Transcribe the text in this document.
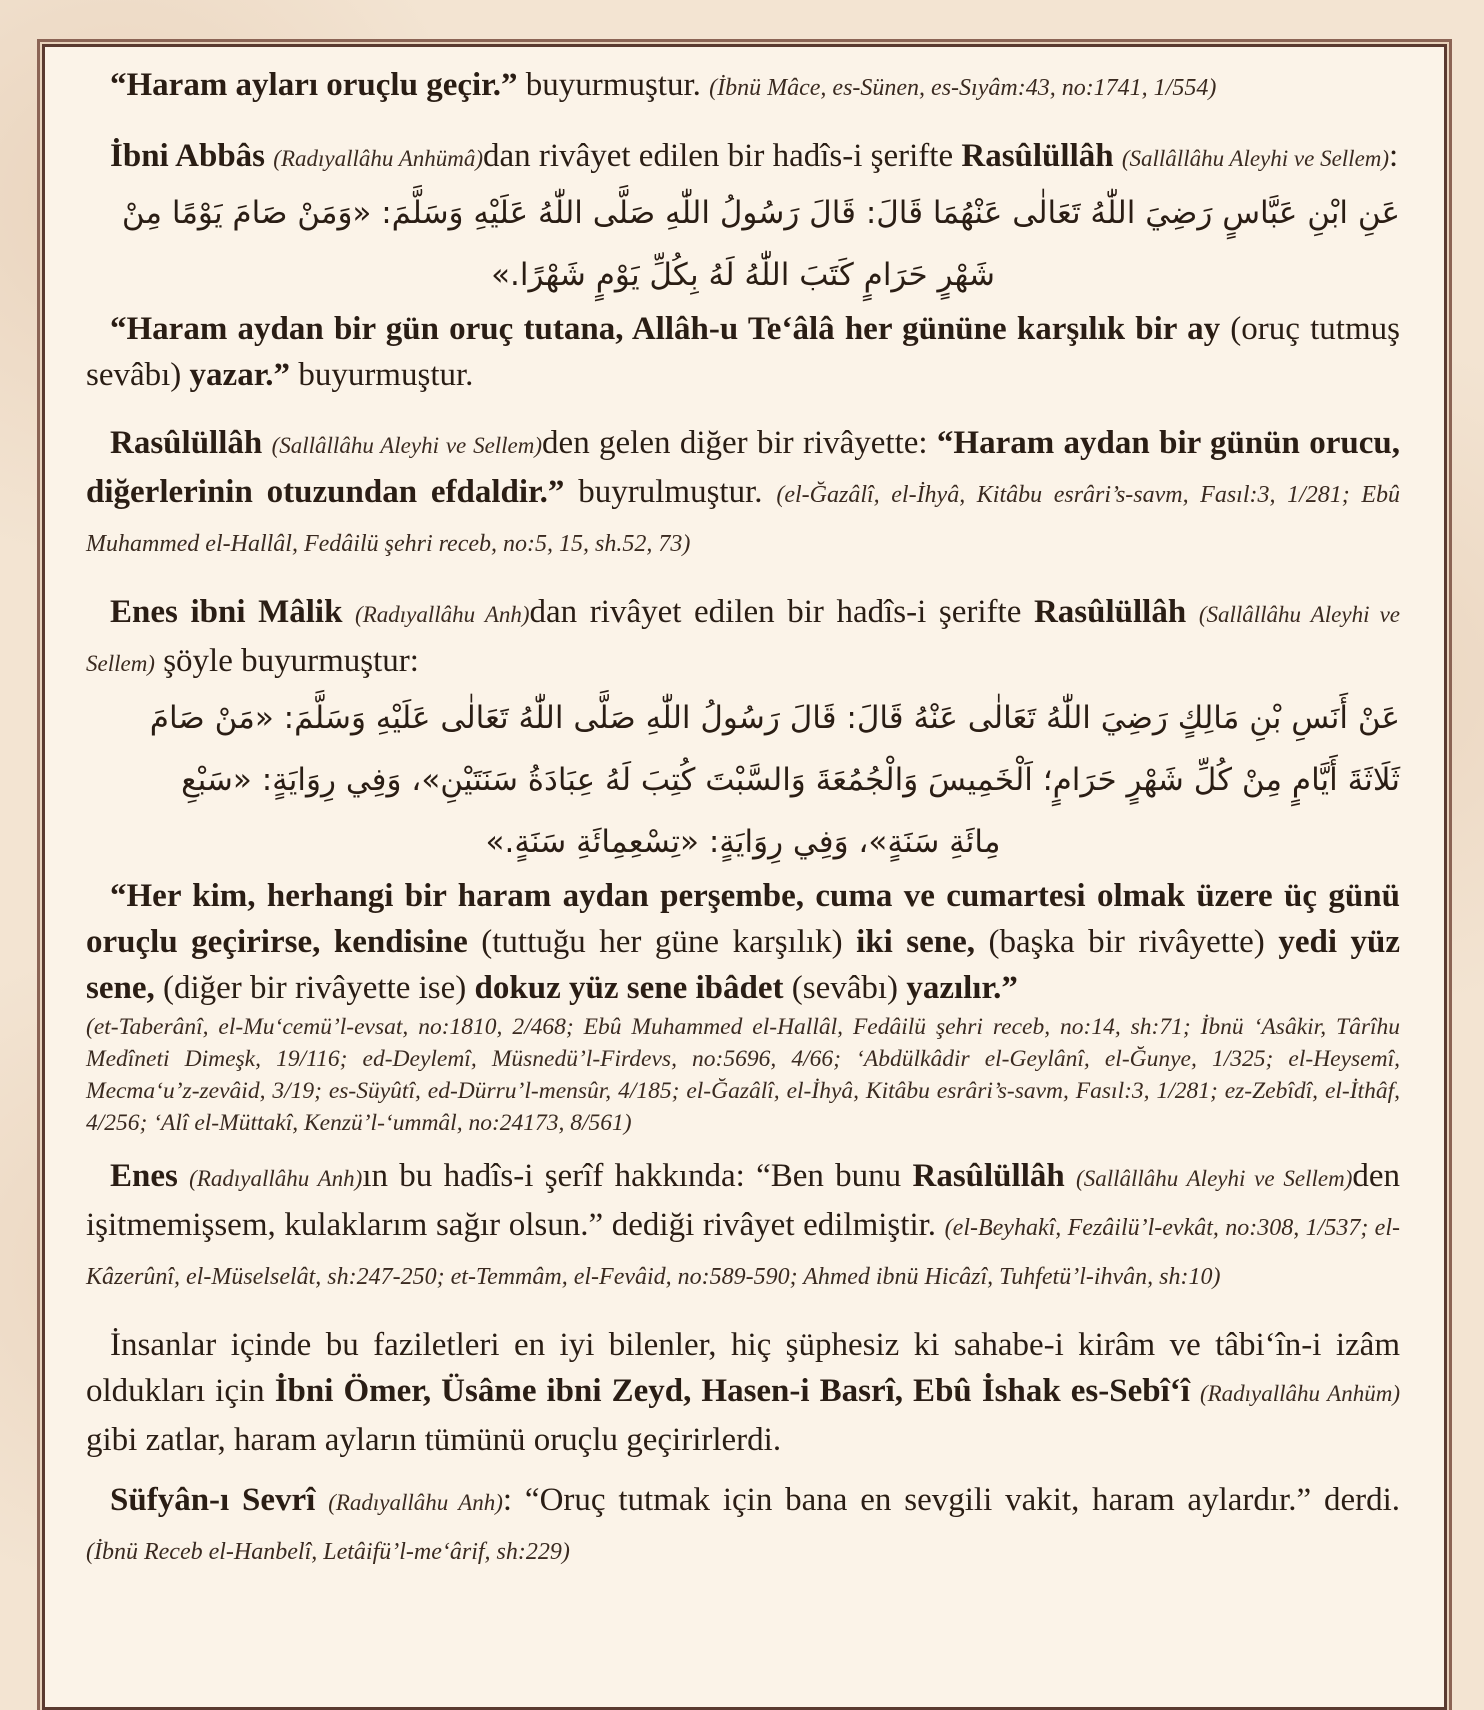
“Haram ayları oruçlu geçir.” buyurmuştur. (İbnü Mâce, es-Sünen, es-Sıyâm:43, no:1741, 1/554)

İbni Abbâs (Radıyallâhu Anhümâ)dan rivâyet edilen bir hadîs-i şerifte Rasûlüllâh (Sallâllâhu Aleyhi ve Sellem):

عَنِ ابْنِ عَبَّاسٍ رَضِيَ اللّٰهُ تَعَالٰى عَنْهُمَا قَالَ: قَالَ رَسُولُ اللّٰهِ صَلَّى اللّٰهُ عَلَيْهِ وَسَلَّمَ: «وَمَنْ صَامَ يَوْمًا مِنْ
شَهْرٍ حَرَامٍ كَتَبَ اللّٰهُ لَهُ بِكُلِّ يَوْمٍ شَهْرًا.»

“Haram aydan bir gün oruç tutana, Allâh-u Te‘âlâ her gününe karşılık bir ay (oruç tutmuş sevâbı) yazar.” buyurmuştur.

Rasûlüllâh (Sallâllâhu Aleyhi ve Sellem)den gelen diğer bir rivâyette: “Haram aydan bir günün orucu, diğerlerinin otuzundan efdaldir.” buyrulmuştur. (el-Ğazâlî, el-İhyâ, Kitâbu esrâri’s-savm, Fasıl:3, 1/281; Ebû Muhammed el-Hallâl, Fedâilü şehri receb, no:5, 15, sh.52, 73)

Enes ibni Mâlik (Radıyallâhu Anh)dan rivâyet edilen bir hadîs-i şerifte Rasûlüllâh (Sallâllâhu Aleyhi ve Sellem) şöyle buyurmuştur:

عَنْ أَنَسِ بْنِ مَالِكٍ رَضِيَ اللّٰهُ تَعَالٰى عَنْهُ قَالَ: قَالَ رَسُولُ اللّٰهِ صَلَّى اللّٰهُ تَعَالٰى عَلَيْهِ وَسَلَّمَ: «مَنْ صَامَ
ثَلَاثَةَ أَيَّامٍ مِنْ كُلِّ شَهْرٍ حَرَامٍ؛ اَلْخَمِيسَ وَالْجُمُعَةَ وَالسَّبْتَ كُتِبَ لَهُ عِبَادَةُ سَنَتَيْنِ»، وَفِي رِوَايَةٍ: «سَبْعِ
مِائَةِ سَنَةٍ»، وَفِي رِوَايَةٍ: «تِسْعِمِائَةِ سَنَةٍ.»

“Her kim, herhangi bir haram aydan perşembe, cuma ve cumartesi olmak üzere üç günü oruçlu geçirirse, kendisine (tuttuğu her güne karşılık) iki sene, (başka bir rivâyette) yedi yüz sene, (diğer bir rivâyette ise) dokuz yüz sene ibâdet (sevâbı) yazılır.”

(et-Taberânî, el-Mu‘cemü’l-evsat, no:1810, 2/468; Ebû Muhammed el-Hallâl, Fedâilü şehri receb, no:14, sh:71; İbnü ‘Asâkir, Târîhu Medîneti Dimeşk, 19/116; ed-Deylemî, Müsnedü’l-Firdevs, no:5696, 4/66; ‘Abdülkâdir el-Geylânî, el-Ğunye, 1/325; el-Heysemî, Mecma‘u’z-zevâid, 3/19; es-Süyûtî, ed-Dürru’l-mensûr, 4/185; el-Ğazâlî, el-İhyâ, Kitâbu esrâri’s-savm, Fasıl:3, 1/281; ez-Zebîdî, el-İthâf, 4/256; ‘Alî el-Müttakî, Kenzü’l-‘ummâl, no:24173, 8/561)

Enes (Radıyallâhu Anh)ın bu hadîs-i şerîf hakkında: “Ben bunu Rasûlüllâh (Sallâllâhu Aleyhi ve Sellem)den işitmemişsem, kulaklarım sağır olsun.” dediği rivâyet edilmiştir. (el-Beyhakî, Fezâilü’l-evkât, no:308, 1/537; el-Kâzerûnî, el-Müselselât, sh:247-250; et-Temmâm, el-Fevâid, no:589-590; Ahmed ibnü Hicâzî, Tuhfetü’l-ihvân, sh:10)

İnsanlar içinde bu faziletleri en iyi bilenler, hiç şüphesiz ki sahabe-i kirâm ve tâbi‘în-i izâm oldukları için İbni Ömer, Üsâme ibni Zeyd, Hasen-i Basrî, Ebû İshak es-Sebî‘î (Radıyallâhu Anhüm) gibi zatlar, haram ayların tümünü oruçlu geçirirlerdi.

Süfyân-ı Sevrî (Radıyallâhu Anh): “Oruç tutmak için bana en sevgili vakit, haram aylardır.” derdi. (İbnü Receb el-Hanbelî, Letâifü’l-me‘ârif, sh:229)
